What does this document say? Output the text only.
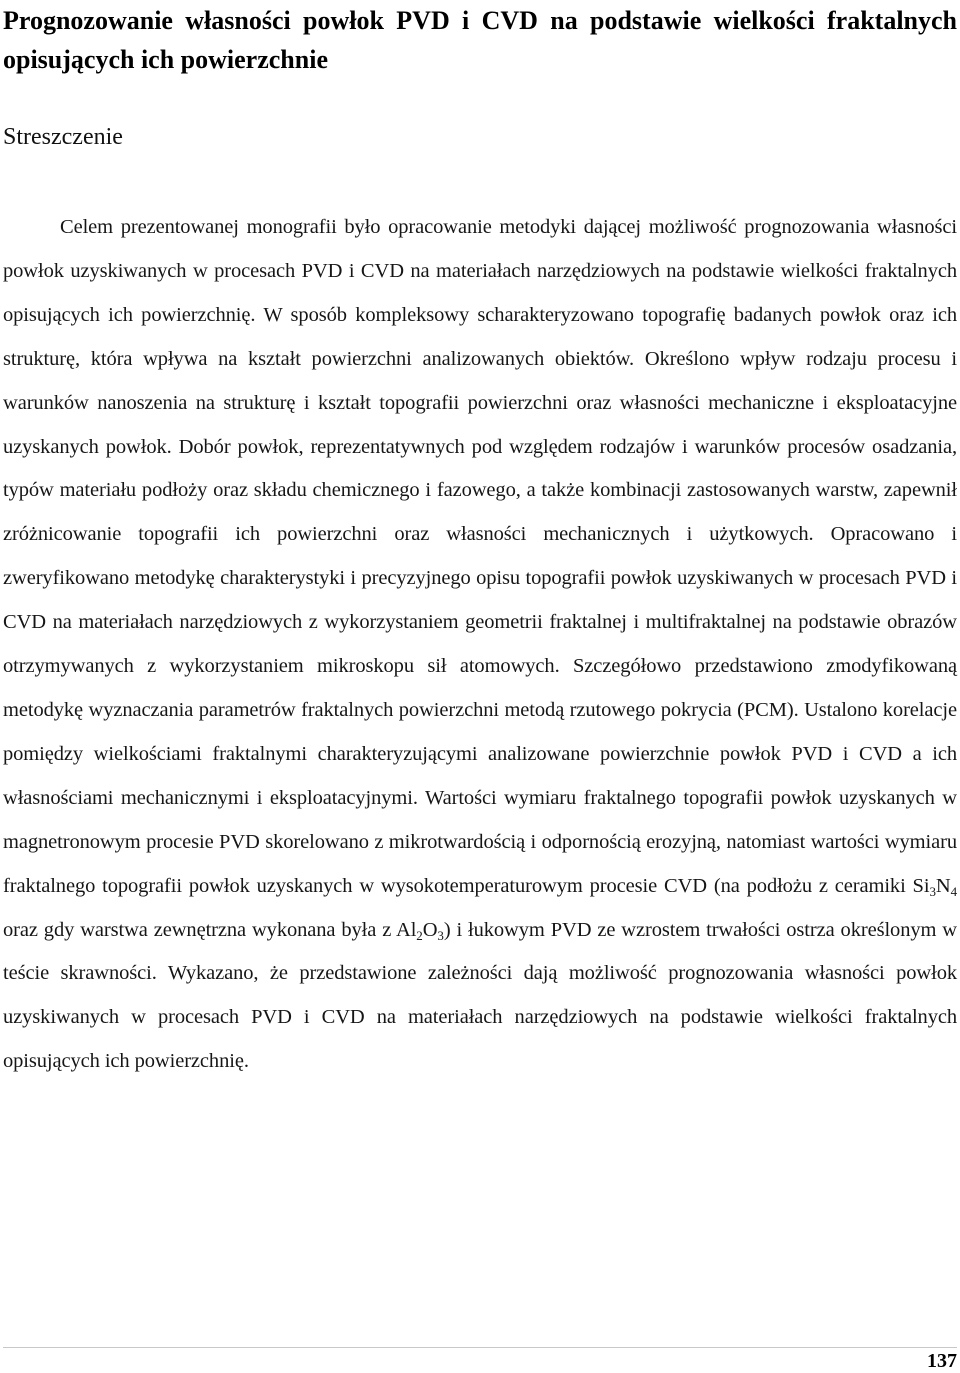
Prognozowanie własności powłok PVD i CVD na podstawie wielkości fraktalnych opisujących ich powierzchnie
Streszczenie

Celem prezentowanej monografii było opracowanie metodyki dającej możliwość prognozowania własności powłok uzyskiwanych w procesach PVD i CVD na materiałach narzędziowych na podstawie wielkości fraktalnych opisujących ich powierzchnię. W sposób kompleksowy scharakteryzowano topografię badanych powłok oraz ich strukturę, która wpływa na kształt powierzchni analizowanych obiektów. Określono wpływ rodzaju procesu i warunków nanoszenia na strukturę i kształt topografii powierzchni oraz własności mechaniczne i eksploatacyjne uzyskanych powłok. Dobór powłok, reprezentatywnych pod względem rodzajów i warunków procesów osadzania, typów materiału podłoży oraz składu chemicznego i fazowego, a także kombinacji zastosowanych warstw, zapewnił zróżnicowanie topografii ich powierzchni oraz własności mechanicznych i użytkowych. Opracowano i zweryfikowano metodykę charakterystyki i precyzyjnego opisu topografii powłok uzyskiwanych w procesach PVD i CVD na materiałach narzędziowych z wykorzystaniem geometrii fraktalnej i multifraktalnej na podstawie obrazów otrzymywanych z wykorzystaniem mikroskopu sił atomowych. Szczegółowo przedstawiono zmodyfikowaną metodykę wyznaczania parametrów fraktalnych powierzchni metodą rzutowego pokrycia (PCM). Ustalono korelacje pomiędzy wielkościami fraktalnymi charakteryzującymi analizowane powierzchnie powłok PVD i CVD a ich własnościami mechanicznymi i eksploatacyjnymi. Wartości wymiaru fraktalnego topografii powłok uzyskanych w magnetronowym procesie PVD skorelowano z mikrotwardością i odpornością erozyjną, natomiast wartości wymiaru fraktalnego topografii powłok uzyskanych w wysokotemperaturowym procesie CVD (na podłożu z ceramiki $Si_3N_4$ oraz gdy warstwa zewnętrzna wykonana była z $Al_2O_3$) i łukowym PVD ze wzrostem trwałości ostrza określonym w teście skrawności. Wykazano, że przedstawione zależności dają możliwość prognozowania własności powłok uzyskiwanych w procesach PVD i CVD na materiałach narzędziowych na podstawie wielkości fraktalnych opisujących ich powierzchnię.

137
